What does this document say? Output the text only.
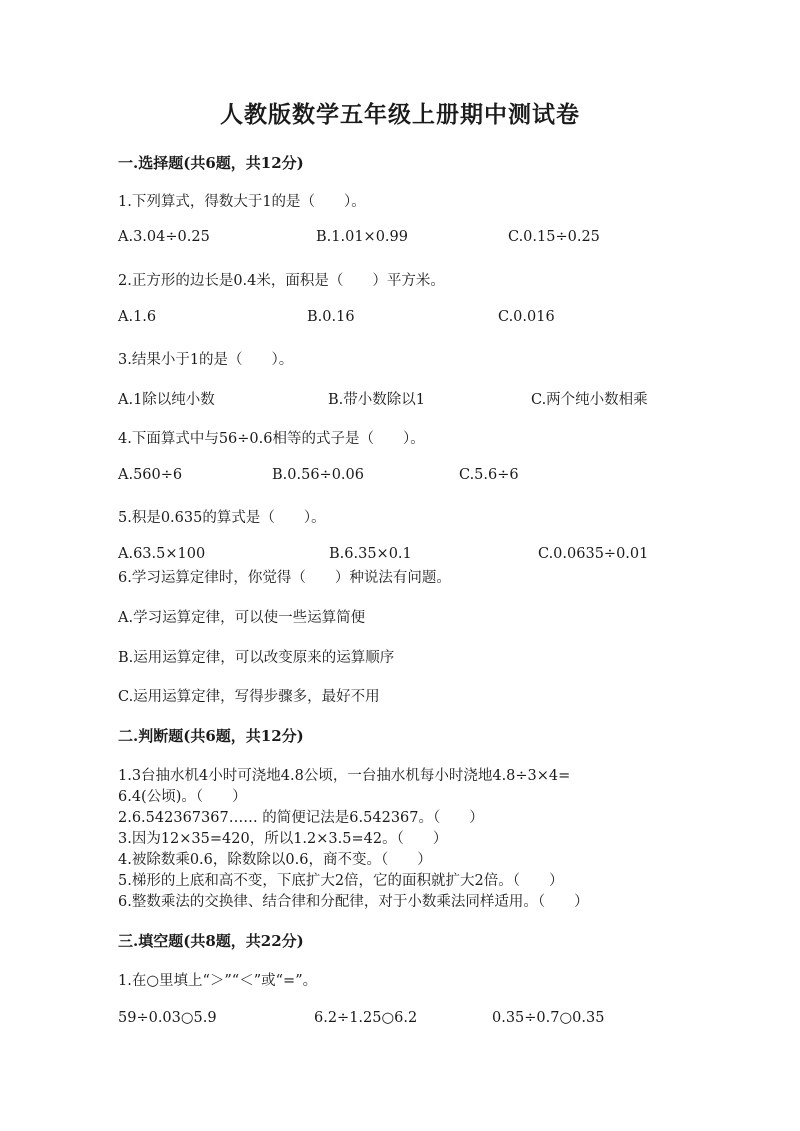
人教版数学五年级上册期中测试卷
一.选择题(共6题，共12分)
1.下列算式，得数大于1的是（　　）。
A.3.04÷0.25	B.1.01×0.99	C.0.15÷0.25
2.正方形的边长是0.4米，面积是（　　）平方米。
A.1.6	B.0.16	C.0.016
3.结果小于1的是（　　）。
A.1除以纯小数	B.带小数除以1	C.两个纯小数相乘
4.下面算式中与56÷0.6相等的式子是（　　）。
A.560÷6	B.0.56÷0.06	C.5.6÷6
5.积是0.635的算式是（　　）。
A.63.5×100	B.6.35×0.1	C.0.0635÷0.01
6.学习运算定律时，你觉得（　　）种说法有问题。
A.学习运算定律，可以使一些运算简便
B.运用运算定律，可以改变原来的运算顺序
C.运用运算定律，写得步骤多，最好不用
二.判断题(共6题，共12分)
1.3台抽水机4小时可浇地4.8公顷，一台抽水机每小时浇地4.8÷3×4=
6.4(公顷)。（　　）
2.6.542367367…… 的简便记法是6.542367。（　　）
3.因为12×35=420，所以1.2×3.5=42。（　　）
4.被除数乘0.6，除数除以0.6，商不变。（　　）
5.梯形的上底和高不变，下底扩大2倍，它的面积就扩大2倍。（　　）
6.整数乘法的交换律、结合律和分配律，对于小数乘法同样适用。（　　）
三.填空题(共8题，共22分)
1.在○里填上“＞”“＜”或“=”。
59÷0.03○5.9	6.2÷1.25○6.2	0.35÷0.7○0.35
